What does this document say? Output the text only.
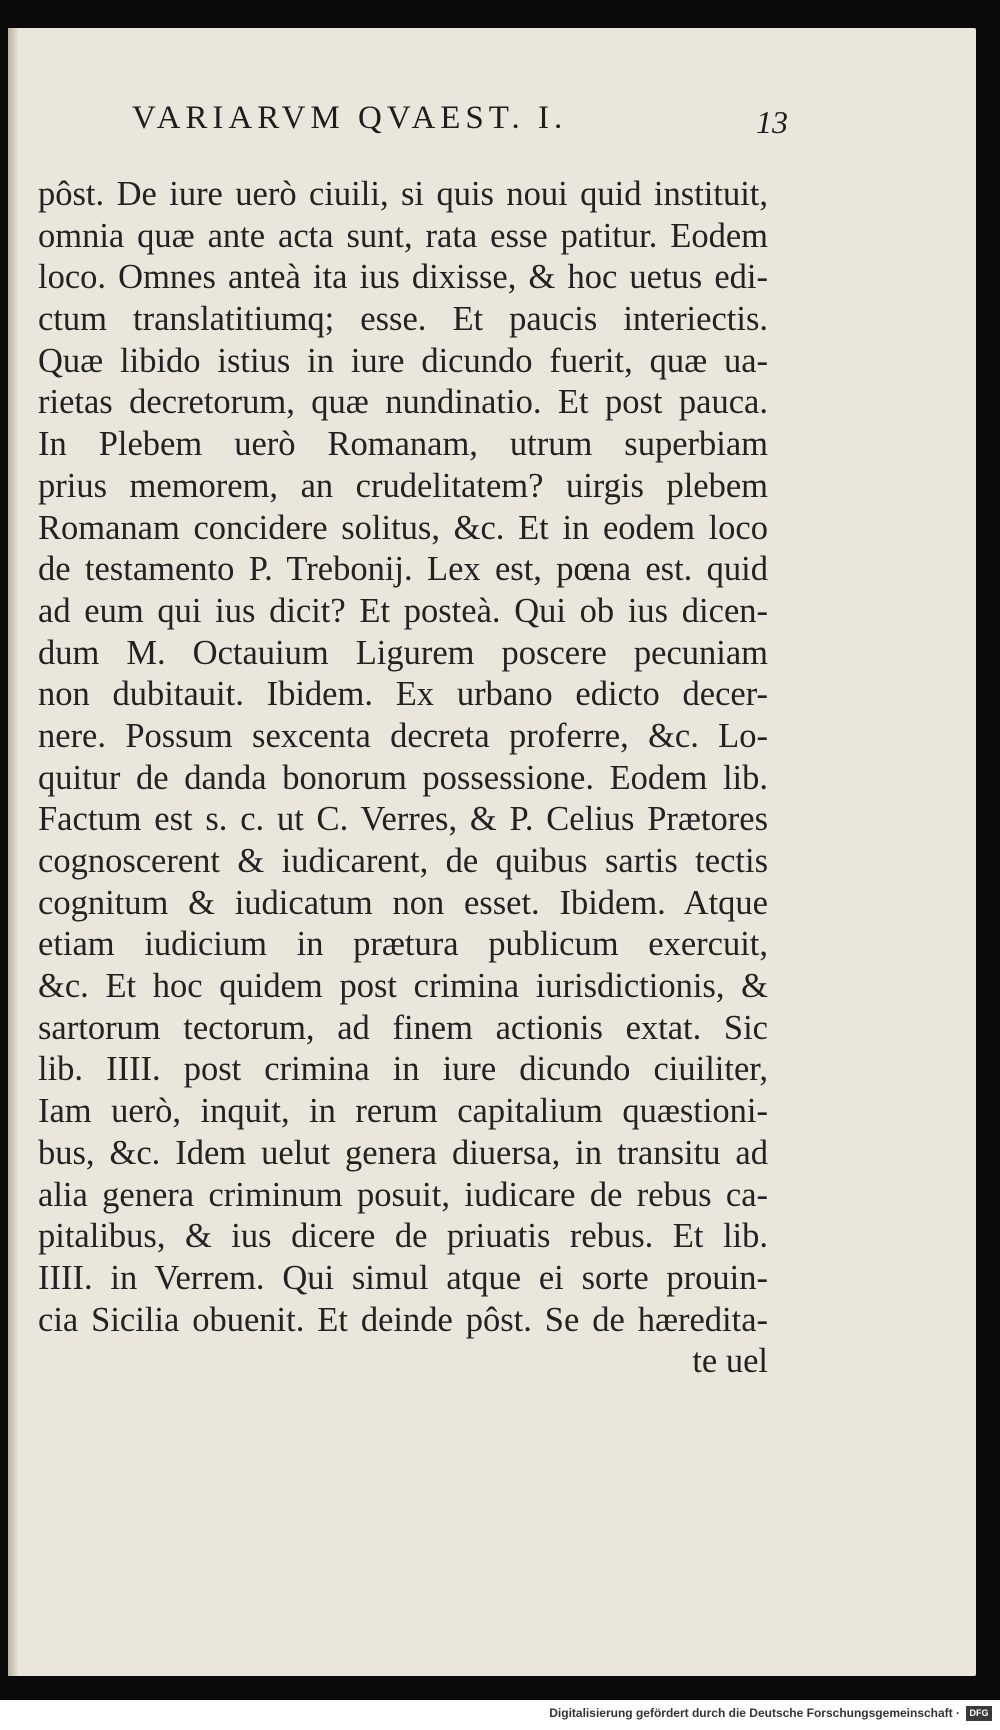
VARIARVM QVAEST. I.	13
pôst. De iure uerò ciuili, si quis noui quid instituit,
omnia quæ ante acta sunt, rata esse patitur. Eodem
loco. Omnes anteà ita ius dixisse, & hoc uetus edi-
ctum translatitiumq; esse. Et paucis interiectis.
Quæ libido istius in iure dicundo fuerit, quæ ua-
rietas decretorum, quæ nundinatio. Et post pauca.
In Plebem uerò Romanam, utrum superbiam
prius memorem, an crudelitatem? uirgis plebem
Romanam concidere solitus, &c. Et in eodem loco
de testamento P. Trebonij. Lex est, pœna est. quid
ad eum qui ius dicit? Et posteà. Qui ob ius dicen-
dum M. Octauium Ligurem poscere pecuniam
non dubitauit. Ibidem. Ex urbano edicto decer-
nere. Possum sexcenta decreta proferre, &c. Lo-
quitur de danda bonorum possessione. Eodem lib.
Factum est s. c. ut C. Verres, & P. Celius Prætores
cognoscerent & iudicarent, de quibus sartis tectis
cognitum & iudicatum non esset. Ibidem. Atque
etiam iudicium in prætura publicum exercuit,
&c. Et hoc quidem post crimina iurisdictionis, &
sartorum tectorum, ad finem actionis extat. Sic
lib. IIII. post crimina in iure dicundo ciuiliter,
Iam uerò, inquit, in rerum capitalium quæstioni-
bus, &c. Idem uelut genera diuersa, in transitu ad
alia genera criminum posuit, iudicare de rebus ca-
pitalibus, & ius dicere de priuatis rebus. Et lib.
IIII. in Verrem. Qui simul atque ei sorte prouin-
cia Sicilia obuenit. Et deinde pôst. Se de hæredita-
te uel
Digitalisierung gefördert durch die Deutsche Forschungsgemeinschaft ·	DFG
